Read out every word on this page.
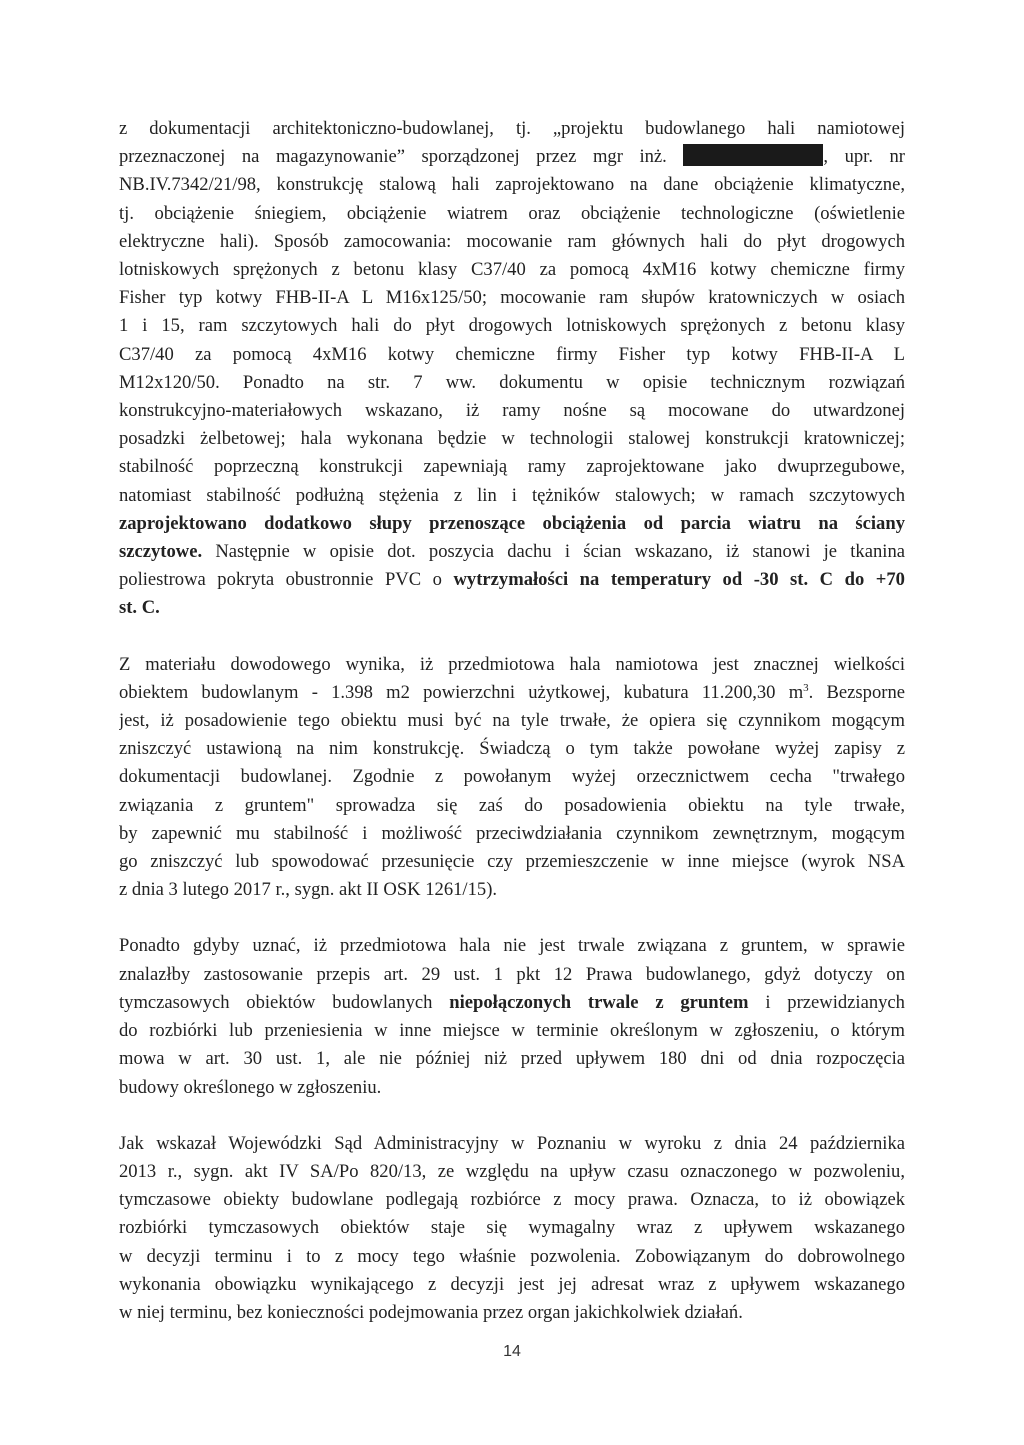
z dokumentacji architektoniczno-budowlanej, tj. „projektu budowlanego hali namiotowej
przeznaczonej na magazynowanie” sporządzonej przez mgr inż.	, upr. nr
NB.IV.7342/21/98, konstrukcję stalową hali zaprojektowano na dane obciążenie klimatyczne,
tj. obciążenie śniegiem, obciążenie wiatrem oraz obciążenie technologiczne (oświetlenie
elektryczne hali). Sposób zamocowania: mocowanie ram głównych hali do płyt drogowych
lotniskowych sprężonych z betonu klasy C37/40 za pomocą 4xM16 kotwy chemiczne firmy
Fisher typ kotwy FHB-II-A L M16x125/50; mocowanie ram słupów kratowniczych w osiach
1 i 15, ram szczytowych hali do płyt drogowych lotniskowych sprężonych z betonu klasy
C37/40 za pomocą 4xM16 kotwy chemiczne firmy Fisher typ kotwy FHB-II-A L
M12x120/50. Ponadto na str. 7 ww. dokumentu w opisie technicznym rozwiązań
konstrukcyjno-materiałowych wskazano, iż ramy nośne są mocowane do utwardzonej
posadzki żelbetowej; hala wykonana będzie w technologii stalowej konstrukcji kratowniczej;
stabilność poprzeczną konstrukcji zapewniają ramy zaprojektowane jako dwuprzegubowe,
natomiast stabilność podłużną stężenia z lin i tężników stalowych; w ramach szczytowych
zaprojektowano dodatkowo słupy przenoszące obciążenia od parcia wiatru na ściany
szczytowe. Następnie w opisie dot. poszycia dachu i ścian wskazano, iż stanowi je tkanina
poliestrowa pokryta obustronnie PVC o wytrzymałości na temperatury od -30 st. C do +70
st. C.
Z materiału dowodowego wynika, iż przedmiotowa hala namiotowa jest znacznej wielkości
obiektem budowlanym - 1.398 m2 powierzchni użytkowej, kubatura 11.200,30 $m^3$. Bezsporne
jest, iż posadowienie tego obiektu musi być na tyle trwałe, że opiera się czynnikom mogącym
zniszczyć ustawioną na nim konstrukcję. Świadczą o tym także powołane wyżej zapisy z
dokumentacji budowlanej. Zgodnie z powołanym wyżej orzecznictwem cecha "trwałego
związania z gruntem" sprowadza się zaś do posadowienia obiektu na tyle trwałe,
by zapewnić mu stabilność i możliwość przeciwdziałania czynnikom zewnętrznym, mogącym
go zniszczyć lub spowodować przesunięcie czy przemieszczenie w inne miejsce (wyrok NSA
z dnia 3 lutego 2017 r., sygn. akt II OSK 1261/15).
Ponadto gdyby uznać, iż przedmiotowa hala nie jest trwale związana z gruntem, w sprawie
znalazłby zastosowanie przepis art. 29 ust. 1 pkt 12 Prawa budowlanego, gdyż dotyczy on
tymczasowych obiektów budowlanych niepołączonych trwale z gruntem i przewidzianych
do rozbiórki lub przeniesienia w inne miejsce w terminie określonym w zgłoszeniu, o którym
mowa w art. 30 ust. 1, ale nie później niż przed upływem 180 dni od dnia rozpoczęcia
budowy określonego w zgłoszeniu.
Jak wskazał Wojewódzki Sąd Administracyjny w Poznaniu w wyroku z dnia 24 października
2013 r., sygn. akt IV SA/Po 820/13, ze względu na upływ czasu oznaczonego w pozwoleniu,
tymczasowe obiekty budowlane podlegają rozbiórce z mocy prawa. Oznacza, to iż obowiązek
rozbiórki tymczasowych obiektów staje się wymagalny wraz z upływem wskazanego
w decyzji terminu i to z mocy tego właśnie pozwolenia. Zobowiązanym do dobrowolnego
wykonania obowiązku wynikającego z decyzji jest jej adresat wraz z upływem wskazanego
w niej terminu, bez konieczności podejmowania przez organ jakichkolwiek działań.
14
